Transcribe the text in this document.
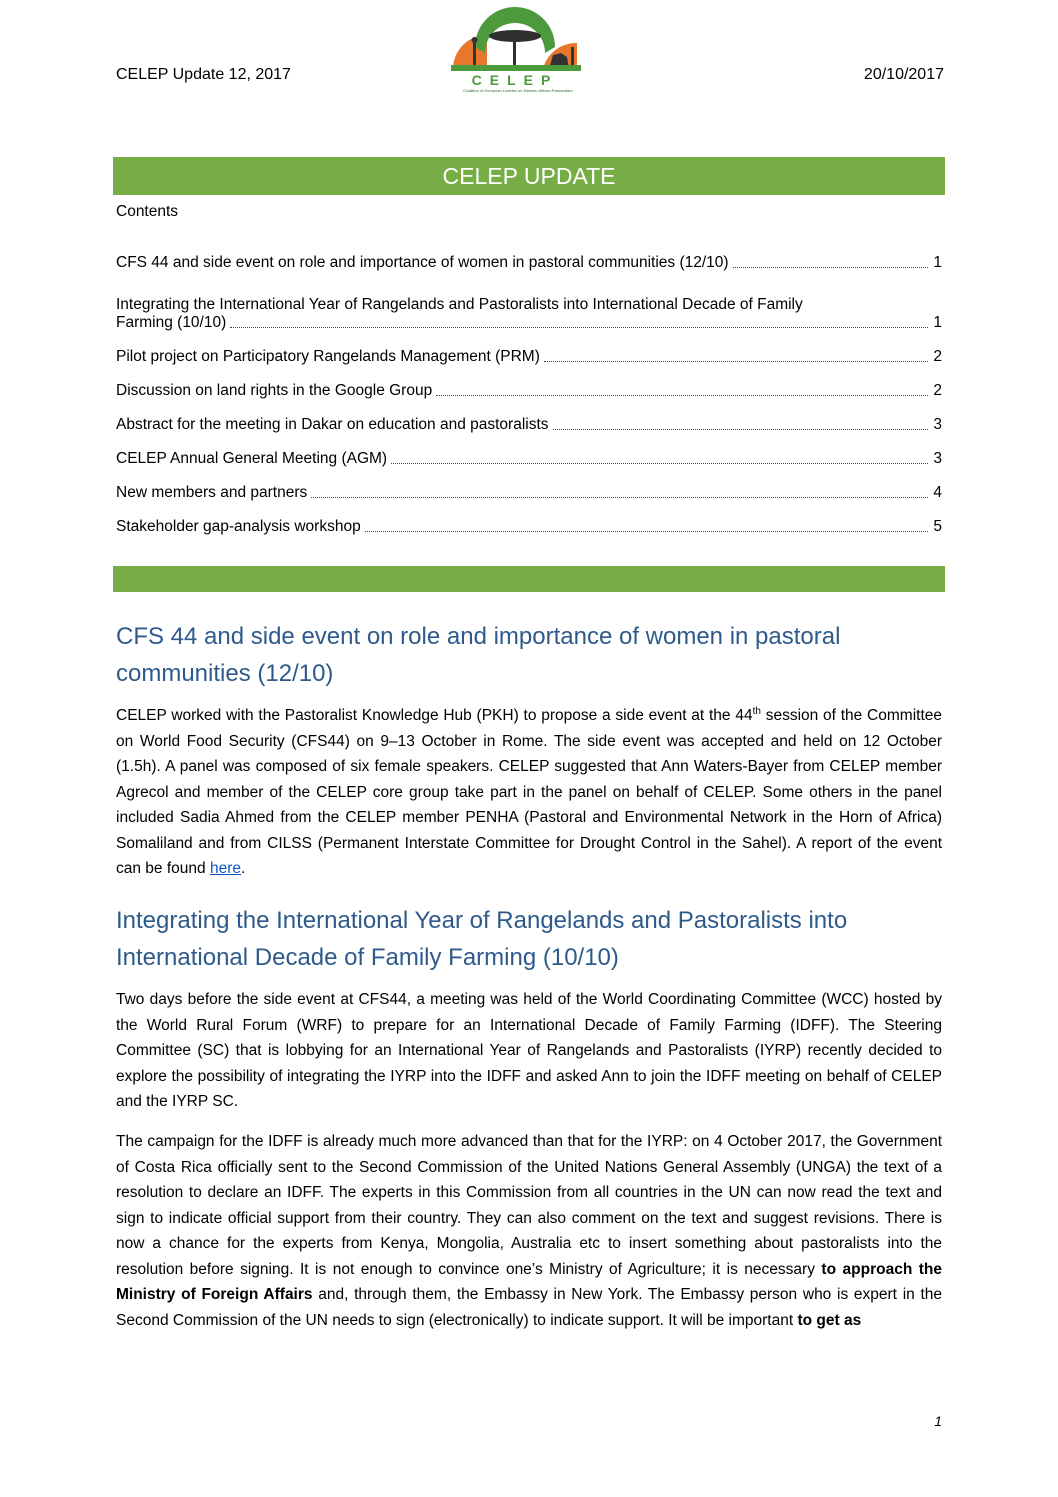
CELEP Update 12, 2017	CELEP
Coalition of European Lobbies on Eastern African Pastoralism
20/10/2017
CELEP UPDATE
Contents
CFS 44 and side event on role and importance of women in pastoral communities (12/10)	1
Integrating the International Year of Rangelands and Pastoralists into International Decade of Family
Farming (10/10)	1
Pilot project on Participatory Rangelands Management (PRM)	2
Discussion on land rights in the Google Group	2
Abstract for the meeting in Dakar on education and pastoralists	3
CELEP Annual General Meeting (AGM)	3
New members and partners	4
Stakeholder gap-analysis workshop	5
CFS 44 and side event on role and importance of women in pastoral communities (12/10)
CELEP worked with the Pastoralist Knowledge Hub (PKH) to propose a side event at the 44th session of the Committee on World Food Security (CFS44) on 9–13 October in Rome. The side event was accepted and held on 12 October (1.5h). A panel was composed of six female speakers. CELEP suggested that Ann Waters-Bayer from CELEP member Agrecol and member of the CELEP core group take part in the panel on behalf of CELEP. Some others in the panel included Sadia Ahmed from the CELEP member PENHA (Pastoral and Environmental Network in the Horn of Africa) Somaliland and from CILSS (Permanent Interstate Committee for Drought Control in the Sahel). A report of the event can be found here.
Integrating the International Year of Rangelands and Pastoralists into International Decade of Family Farming (10/10)
Two days before the side event at CFS44, a meeting was held of the World Coordinating Committee (WCC) hosted by the World Rural Forum (WRF) to prepare for an International Decade of Family Farming (IDFF). The Steering Committee (SC) that is lobbying for an International Year of Rangelands and Pastoralists (IYRP) recently decided to explore the possibility of integrating the IYRP into the IDFF and asked Ann to join the IDFF meeting on behalf of CELEP and the IYRP SC.
The campaign for the IDFF is already much more advanced than that for the IYRP: on 4 October 2017, the Government of Costa Rica officially sent to the Second Commission of the United Nations General Assembly (UNGA) the text of a resolution to declare an IDFF. The experts in this Commission from all countries in the UN can now read the text and sign to indicate official support from their country. They can also comment on the text and suggest revisions. There is now a chance for the experts from Kenya, Mongolia, Australia etc to insert something about pastoralists into the resolution before signing. It is not enough to convince one’s Ministry of Agriculture; it is necessary to approach the Ministry of Foreign Affairs and, through them, the Embassy in New York. The Embassy person who is expert in the Second Commission of the UN needs to sign (electronically) to indicate support. It will be important to get as
1
